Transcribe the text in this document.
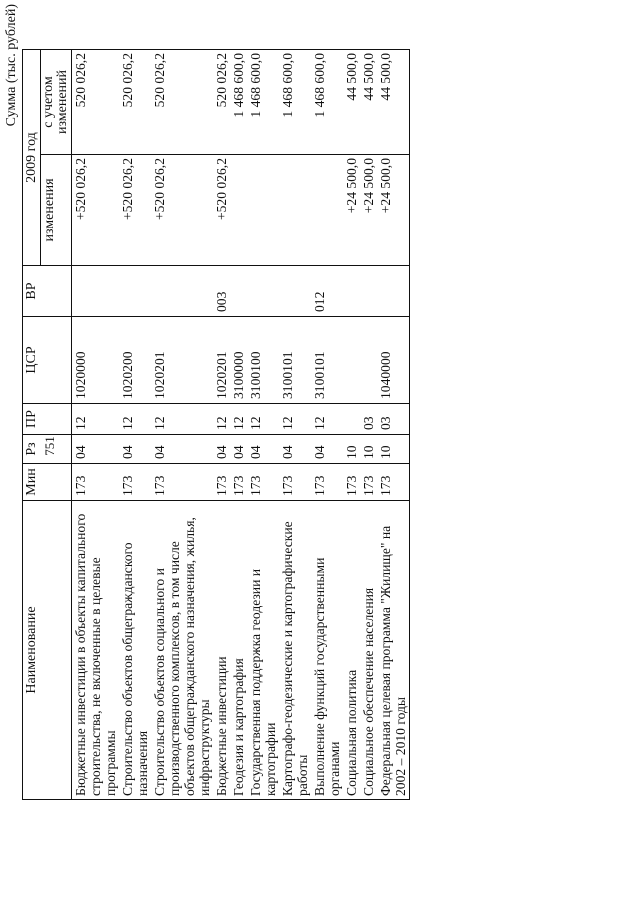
751
Сумма (тыс. рублей)
Наименование	Мин	Рз	ПР	ЦСР	ВР	2009 год	
						изменения	с учетом изменений
Бюджетные инвестиции в объекты капитального строительства, не включенные в целевые программы	173	04	12	1020000		+520 026,2	520 026,2
Строительство объектов общегражданского назначения	173	04	12	1020200		+520 026,2	520 026,2
Строительство объектов социального и производственного комплексов, в том числе объектов общегражданского назначения, жилья, инфраструктуры	173	04	12	1020201		+520 026,2	520 026,2
Бюджетные инвестиции	173	04	12	1020201	003	+520 026,2	520 026,2
Геодезия и картография	173	04	12	3100000			1 468 600,0
Государственная поддержка геодезии и картографии	173	04	12	3100100			1 468 600,0
Картографо-геодезические и картографические работы	173	04	12	3100101			1 468 600,0
Выполнение функций государственными органами	173	04	12	3100101	012		1 468 600,0
Социальная политика	173	10				+24 500,0	44 500,0
Социальное обеспечение населения	173	10	03			+24 500,0	44 500,0
Федеральная целевая программа "Жилище" на 2002 – 2010 годы	173	10	03	1040000		+24 500,0	44 500,0
